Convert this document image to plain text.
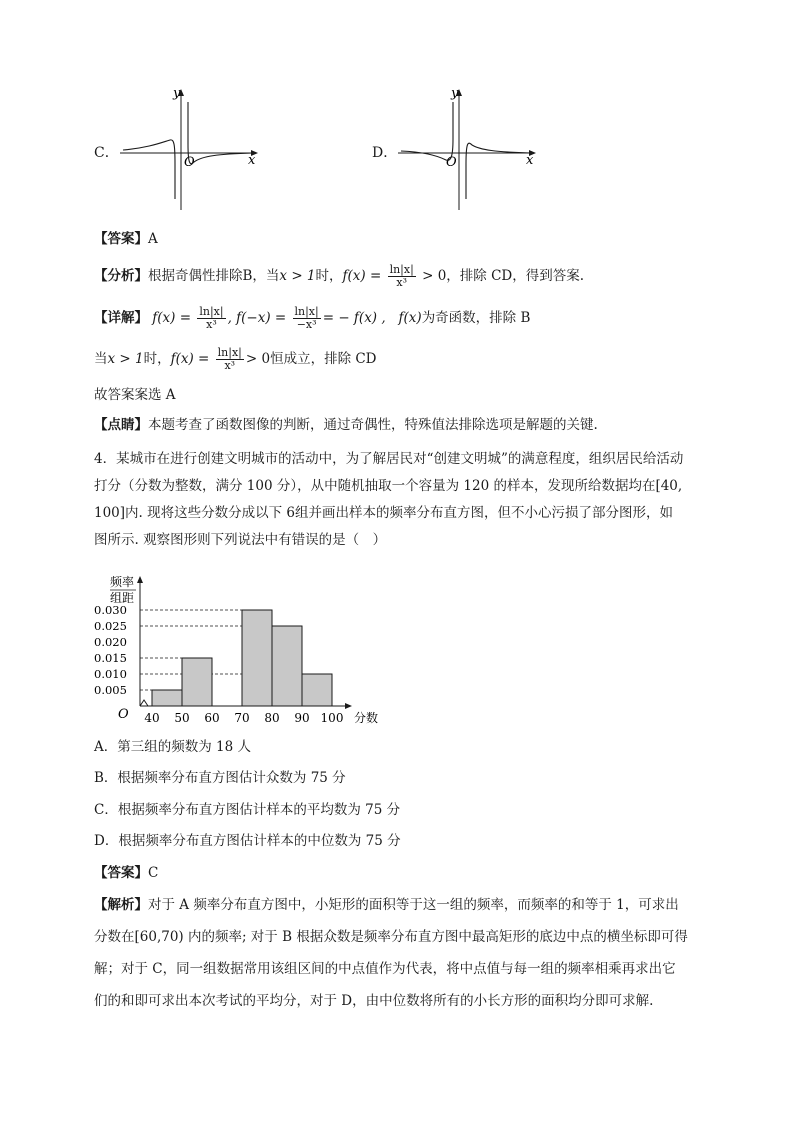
C．
y
x
O
D．
y
x
O
【答案】A
【分析】根据奇偶性排除B，当x > 1时，$f(x) = \frac{\ln|x|}{\text{x³}} > 0$，排除 CD，得到答案.
【详解】 $f(x) = \frac{\ln|x|}{\text{x³}}$ , $f(-x) = \frac{\ln|x|}{\text{−x³}}$ = − f(x) , f(x)为奇函数，排除 B
当x > 1时，$f(x) = \frac{\ln|x|}{\text{x³}} > 0$恒成立，排除 CD
故答案案选 A
【点睛】本题考查了函数图像的判断，通过奇偶性，特殊值法排除选项是解题的关键.
4．某城市在进行创建文明城市的活动中，为了解居民对“创建文明城”的满意程度，组织居民给活动
打分（分数为整数，满分 100 分），从中随机抽取一个容量为 120 的样本，发现所给数据均在[40,
100]内. 现将这些分数分成以下 6组并画出样本的频率分布直方图，但不小心污损了部分图形，如
图所示. 观察图形则下列说法中有错误的是（　）
频率
组距
O	分数
0.030
0.025
0.020
0.015
0.010
0.005
40 50 60 70 80 90 100
A．第三组的频数为 18 人
B．根据频率分布直方图估计众数为 75 分
C．根据频率分布直方图估计样本的平均数为 75 分
D．根据频率分布直方图估计样本的中位数为 75 分
【答案】C
【解析】对于 A 频率分布直方图中，小矩形的面积等于这一组的频率，而频率的和等于 1，可求出
分数在[60,70) 内的频率; 对于 B 根据众数是频率分布直方图中最高矩形的底边中点的横坐标即可得
解；对于 C，同一组数据常用该组区间的中点值作为代表，将中点值与每一组的频率相乘再求出它
们的和即可求出本次考试的平均分，对于 D，由中位数将所有的小长方形的面积均分即可求解.
